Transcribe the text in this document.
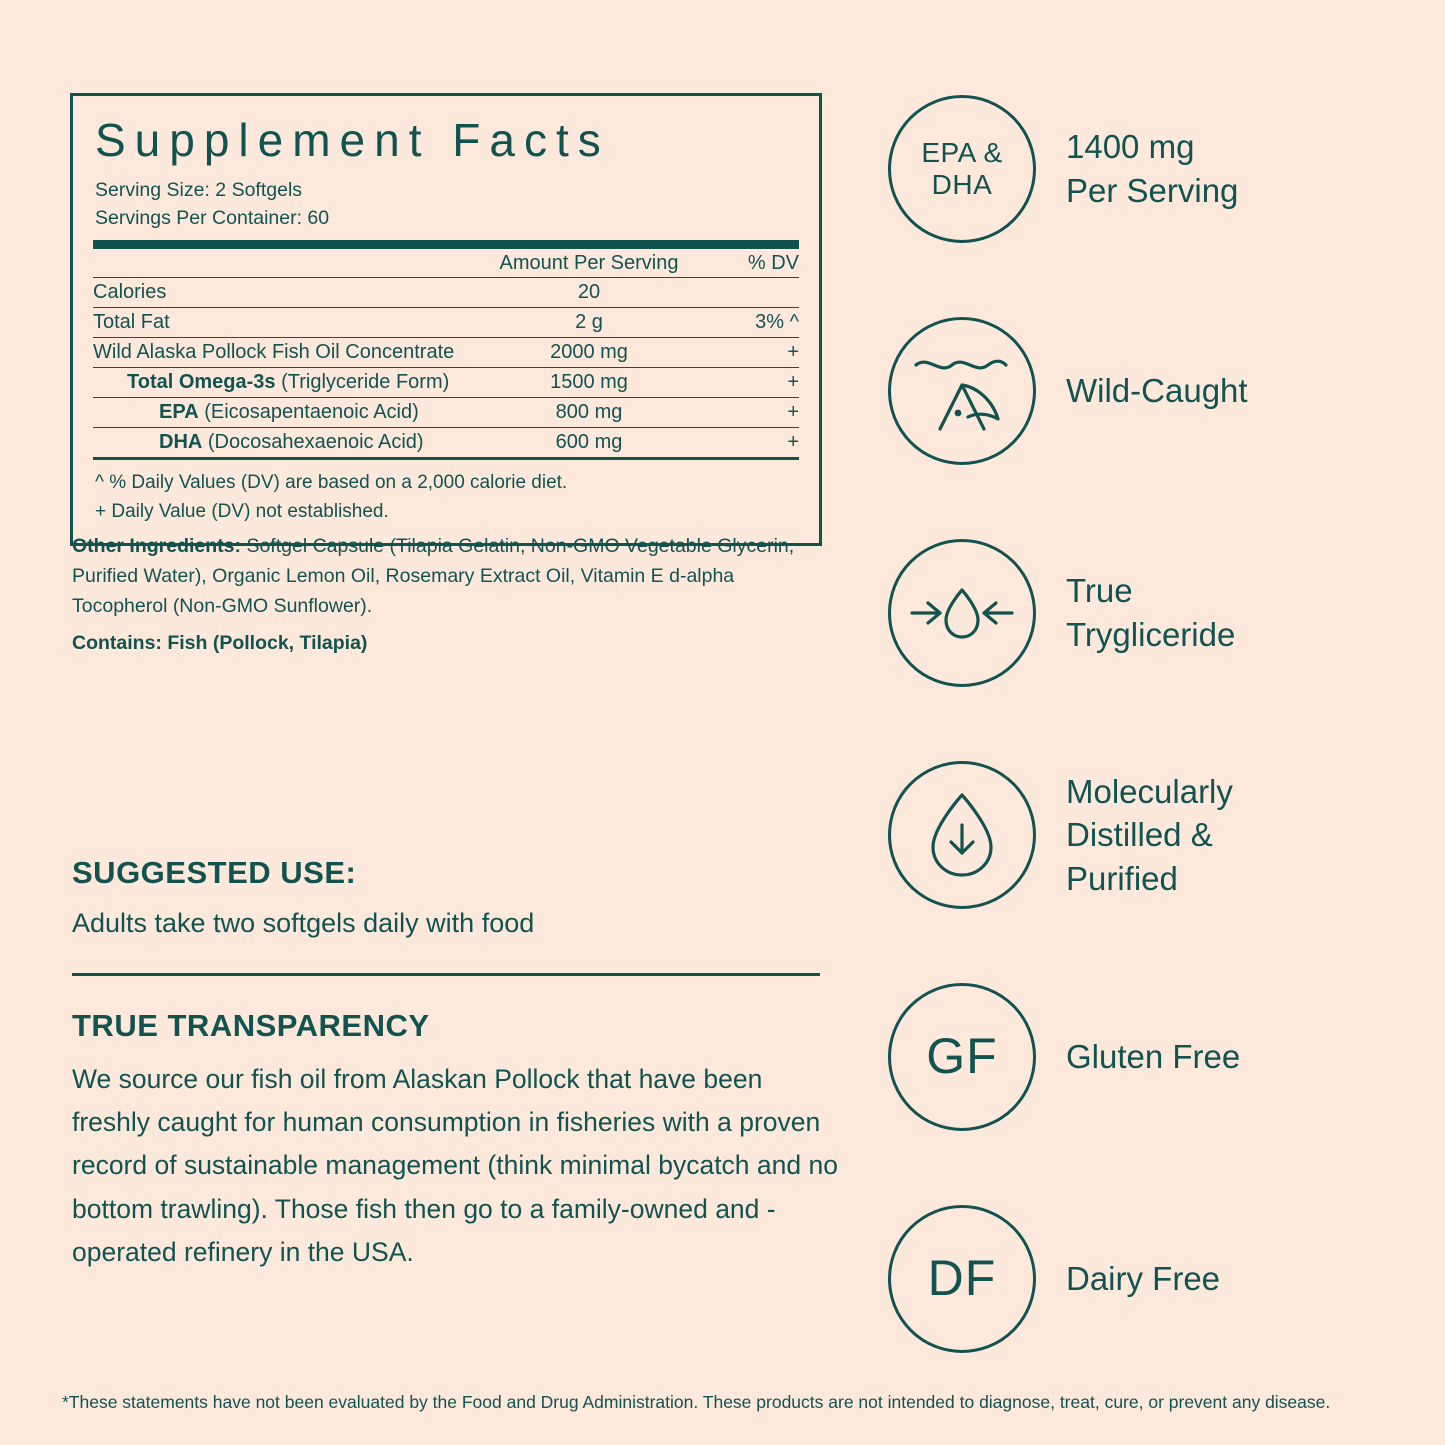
Supplement Facts
Serving Size: 2 Softgels
Servings Per Container: 60
	Amount Per Serving	% DV
Calories	20	
Total Fat	2 g	3% ^
Wild Alaska Pollock Fish Oil Concentrate	2000 mg	+
Total Omega-3s (Triglyceride Form)	1500 mg	+
EPA (Eicosapentaenoic Acid)	800 mg	+
DHA (Docosahexaenoic Acid)	600 mg	+
^ % Daily Values (DV) are based on a 2,000 calorie diet.
+ Daily Value (DV) not established.
Other Ingredients: Softgel Capsule (Tilapia Gelatin, Non-GMO Vegetable Glycerin, Purified Water), Organic Lemon Oil, Rosemary Extract Oil, Vitamin E d-alpha Tocopherol (Non-GMO Sunflower).
Contains: Fish (Pollock, Tilapia)
SUGGESTED USE:
Adults take two softgels daily with food
TRUE TRANSPARENCY
We source our fish oil from Alaskan Pollock that have been freshly caught for human consumption in fisheries with a proven record of sustainable management (think minimal bycatch and no bottom trawling). Those fish then go to a family-owned and -operated refinery in the USA.
*These statements have not been evaluated by the Food and Drug Administration. These products are not intended to diagnose, treat, cure, or prevent any disease.
EPA &
DHA
1400 mg
Per Serving
Wild-Caught
True
Trygliceride
Molecularly
Distilled &
Purified
GF Gluten Free
DF Dairy Free
